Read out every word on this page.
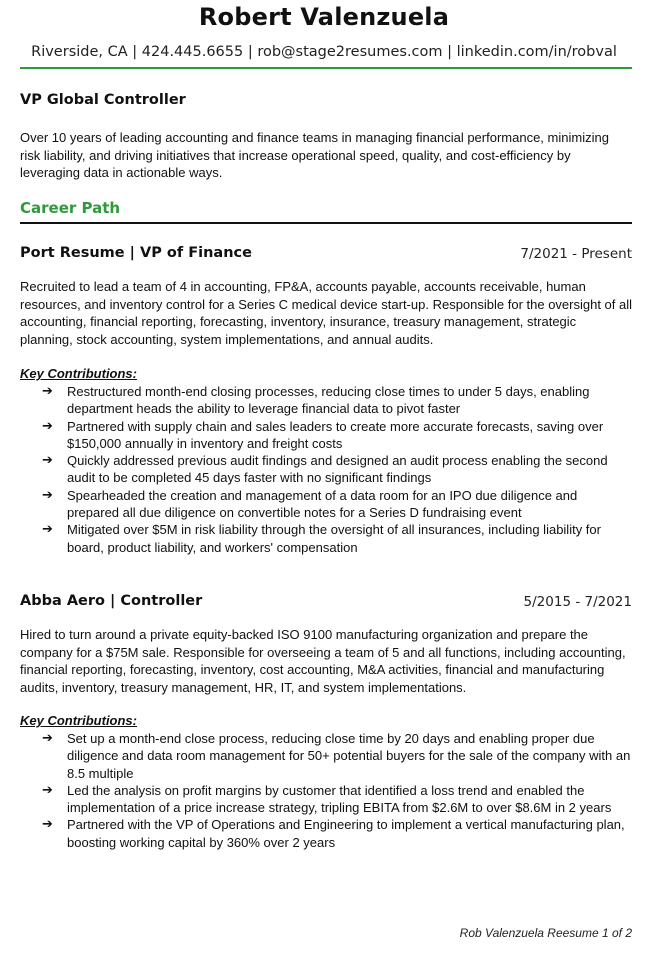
Robert Valenzuela
Riverside, CA | 424.445.6655 | rob@stage2resumes.com | linkedin.com/in/robval
VP Global Controller
Over 10 years of leading accounting and finance teams in managing financial performance, minimizing risk liability, and driving initiatives that increase operational speed, quality, and cost-efficiency by leveraging data in actionable ways.
Career Path
Port Resume | VP of Finance	7/2021 - Present
Recruited to lead a team of 4 in accounting, FP&A, accounts payable, accounts receivable, human resources, and inventory control for a Series C medical device start-up. Responsible for the oversight of all accounting, financial reporting, forecasting, inventory, insurance, treasury management, strategic planning, stock accounting, system implementations, and annual audits.
Key Contributions:
➔ Restructured month-end closing processes, reducing close times to under 5 days, enabling department heads the ability to leverage financial data to pivot faster
➔ Partnered with supply chain and sales leaders to create more accurate forecasts, saving over $150,000 annually in inventory and freight costs
➔ Quickly addressed previous audit findings and designed an audit process enabling the second audit to be completed 45 days faster with no significant findings
➔ Spearheaded the creation and management of a data room for an IPO due diligence and prepared all due diligence on convertible notes for a Series D fundraising event
➔ Mitigated over $5M in risk liability through the oversight of all insurances, including liability for board, product liability, and workers' compensation
Abba Aero | Controller	5/2015 - 7/2021
Hired to turn around a private equity-backed ISO 9100 manufacturing organization and prepare the company for a $75M sale. Responsible for overseeing a team of 5 and all functions, including accounting, financial reporting, forecasting, inventory, cost accounting, M&A activities, financial and manufacturing audits, inventory, treasury management, HR, IT, and system implementations.
Key Contributions:
➔ Set up a month-end close process, reducing close time by 20 days and enabling proper due diligence and data room management for 50+ potential buyers for the sale of the company with an 8.5 multiple
➔ Led the analysis on profit margins by customer that identified a loss trend and enabled the implementation of a price increase strategy, tripling EBITA from $2.6M to over $8.6M in 2 years
➔ Partnered with the VP of Operations and Engineering to implement a vertical manufacturing plan, boosting working capital by 360% over 2 years
Rob Valenzuela Reesume 1 of 2
